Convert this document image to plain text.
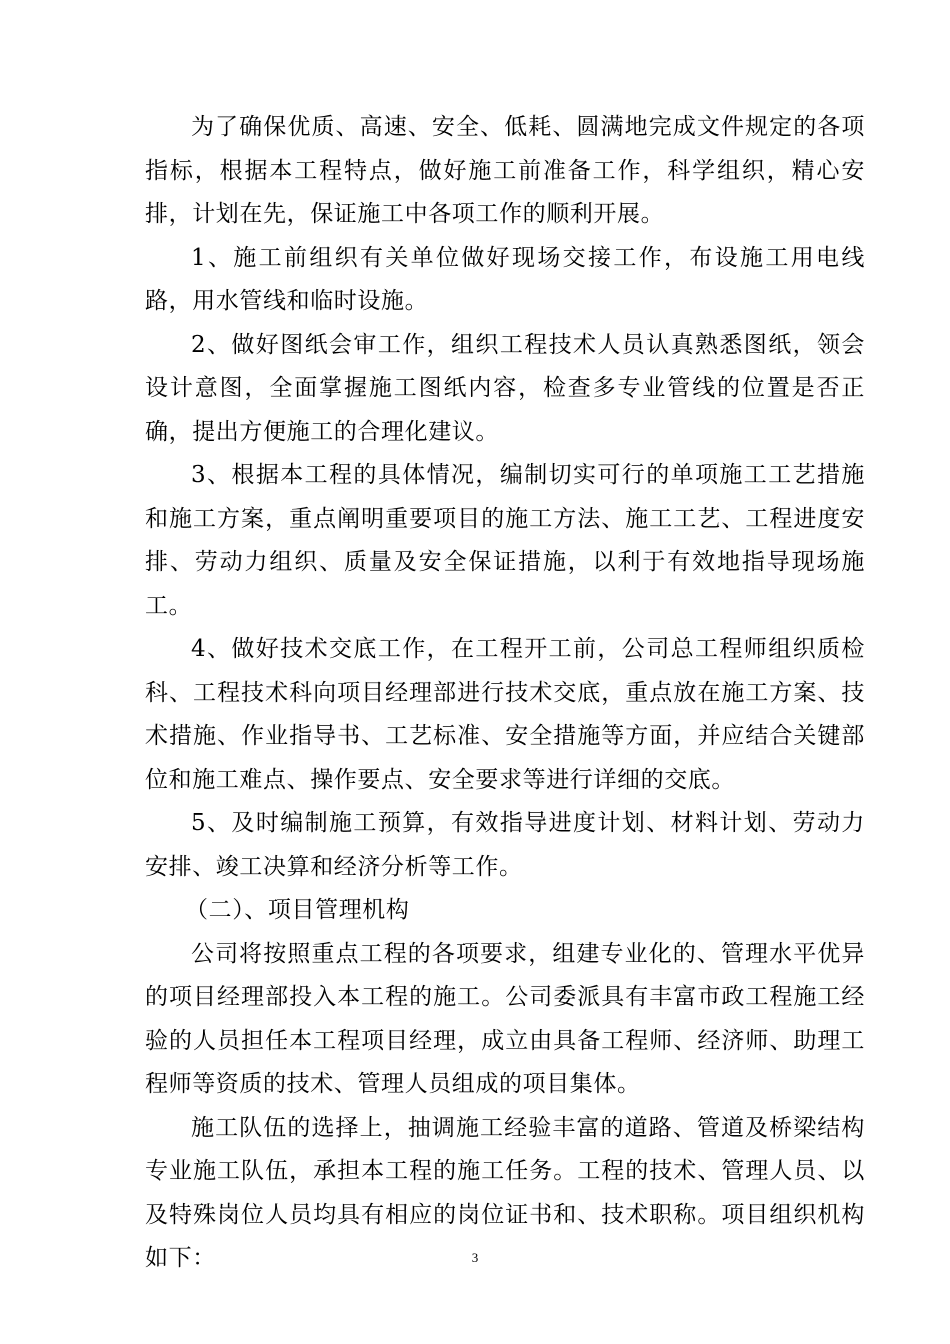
为了确保优质、高速、安全、低耗、圆满地完成文件规定的各项指标，根据本工程特点，做好施工前准备工作，科学组织，精心安排，计划在先，保证施工中各项工作的顺利开展。

1、施工前组织有关单位做好现场交接工作，布设施工用电线路，用水管线和临时设施。

2、做好图纸会审工作，组织工程技术人员认真熟悉图纸，领会设计意图，全面掌握施工图纸内容，检查多专业管线的位置是否正确，提出方便施工的合理化建议。

3、根据本工程的具体情况，编制切实可行的单项施工工艺措施和施工方案，重点阐明重要项目的施工方法、施工工艺、工程进度安排、劳动力组织、质量及安全保证措施，以利于有效地指导现场施工。

4、做好技术交底工作，在工程开工前，公司总工程师组织质检科、工程技术科向项目经理部进行技术交底，重点放在施工方案、技术措施、作业指导书、工艺标准、安全措施等方面，并应结合关键部位和施工难点、操作要点、安全要求等进行详细的交底。

5、及时编制施工预算，有效指导进度计划、材料计划、劳动力安排、竣工决算和经济分析等工作。

（二）、项目管理机构

公司将按照重点工程的各项要求，组建专业化的、管理水平优异的项目经理部投入本工程的施工。公司委派具有丰富市政工程施工经验的人员担任本工程项目经理，成立由具备工程师、经济师、助理工程师等资质的技术、管理人员组成的项目集体。

施工队伍的选择上，抽调施工经验丰富的道路、管道及桥梁结构专业施工队伍，承担本工程的施工任务。工程的技术、管理人员、以及特殊岗位人员均具有相应的岗位证书和、技术职称。项目组织机构如下：	3
